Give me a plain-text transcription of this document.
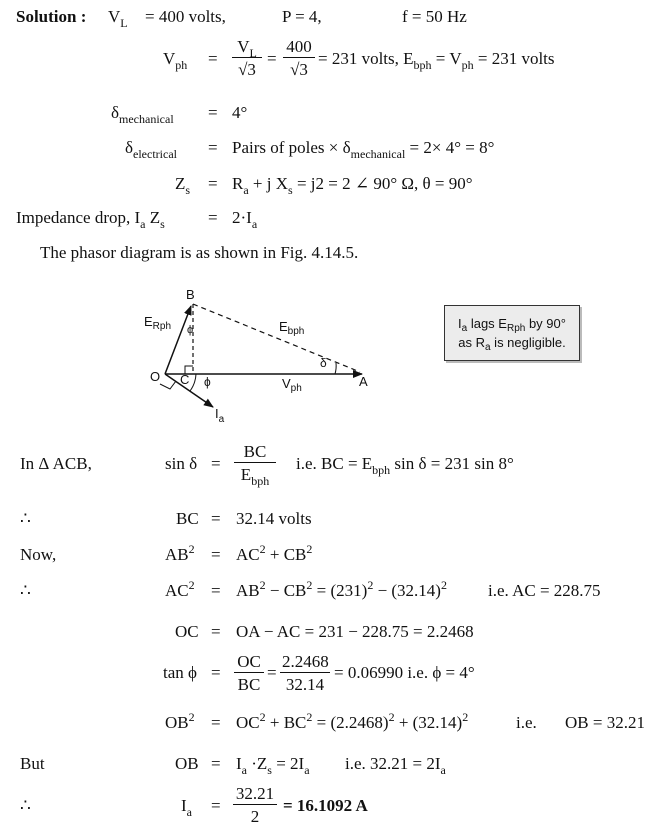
Solution : $V_L = 400$ volts,	P = 4,	f = 50 Hz
$V_{ph} = \frac{V_L}{√3} = \frac{400}{√3} = 231$ volts, $E_{bph} = V_{ph} = 231$ volts
$\delta_{mechanical} = 4^\circ$
$\delta_{electrical}$ = Pairs of poles × $\delta_{mechanical} = 2\times 4^\circ = 8^\circ$
$Z_s = R_a + j$ $X_s = j2 = 2$ ∠ 90° Ω, θ = 90°
Impedance drop, $I_a$ $Z_s$	= $2\cdot I_a$
The phasor diagram is as shown in Fig. 4.14.5.
B
$E_{Rph}$ ϕ	$E_{bph}$
δ
O C ϕ	$V_{ph}$	A
$I_a$
$I_a$ lags $E_{Rph}$ by 90°
as $R_a$ is negligible.
In Δ ACB,	sin δ =
BC
$E_{bph}$
i.e. BC = $E_{bph}$ sin δ = 231 sin 8°
∴	BC = 32.14 volts
Now,	$AB^2 = AC^2 + CB^2$
∴	$AC^2 = AB^2 - CB^2 = (231)^2 - (32.14)^2$ i.e. AC = 228.75
OC = OA − AC = 231 − 228.75 = 2.2468
$\tan \phi = \frac{OC}{BC} = \frac{2.2468}{32.14} = 0.06990$ i.e. ϕ = 4°
$OB^2 = OC^2 + BC^2 = (2.2468)^2 + (32.14)^2$	i.e. OB = 32.21
But	OB = $I_a \cdot Z_s = 2I_a$ i.e. $32.21 = 2I_a$
∴	$I_a = \frac{32.21}{2} = 16.1092$ A
